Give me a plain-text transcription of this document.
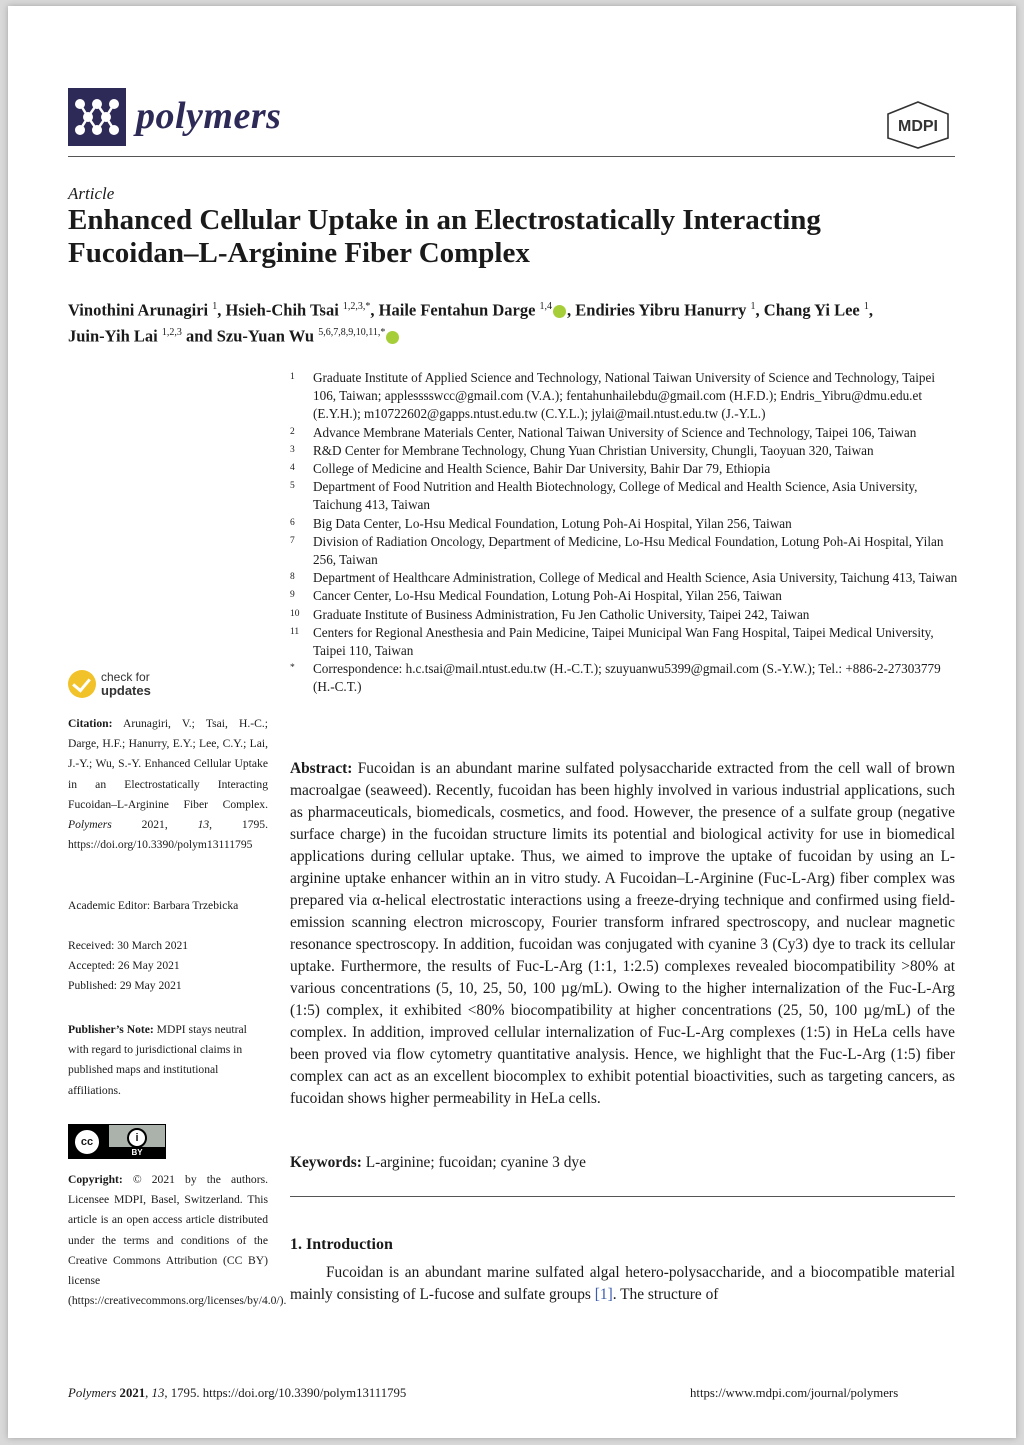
polymers	MDPI
Article
Enhanced Cellular Uptake in an Electrostatically Interacting
Fucoidan–L-Arginine Fiber Complex
Vinothini Arunagiri $^1$, Hsieh-Chih Tsai $^{1,2,3,*}$, Haile Fentahun Darge $^{1,4}$ , Endiries Yibru Hanurry $^1$, Chang Yi Lee $^1$,
Juin-Yih Lai $^{1,2,3}$ and Szu-Yuan Wu $^{5,6,7,8,9,10,11,*}$
1	Graduate Institute of Applied Science and Technology, National Taiwan University of Science and Technology, Taipei 106, Taiwan; applesssswcc@gmail.com (V.A.); fentahunhailebdu@gmail.com (H.F.D.); Endris_Yibru@dmu.edu.et (E.Y.H.); m10722602@gapps.ntust.edu.tw (C.Y.L.); jylai@mail.ntust.edu.tw (J.-Y.L.)
2	Advance Membrane Materials Center, National Taiwan University of Science and Technology, Taipei 106, Taiwan
3	R&D Center for Membrane Technology, Chung Yuan Christian University, Chungli, Taoyuan 320, Taiwan
4	College of Medicine and Health Science, Bahir Dar University, Bahir Dar 79, Ethiopia
5	Department of Food Nutrition and Health Biotechnology, College of Medical and Health Science, Asia University, Taichung 413, Taiwan
6	Big Data Center, Lo-Hsu Medical Foundation, Lotung Poh-Ai Hospital, Yilan 256, Taiwan
7	Division of Radiation Oncology, Department of Medicine, Lo-Hsu Medical Foundation, Lotung Poh-Ai Hospital, Yilan 256, Taiwan
8	Department of Healthcare Administration, College of Medical and Health Science, Asia University, Taichung 413, Taiwan
9	Cancer Center, Lo-Hsu Medical Foundation, Lotung Poh-Ai Hospital, Yilan 256, Taiwan
10	Graduate Institute of Business Administration, Fu Jen Catholic University, Taipei 242, Taiwan
11	Centers for Regional Anesthesia and Pain Medicine, Taipei Municipal Wan Fang Hospital, Taipei Medical University, Taipei 110, Taiwan
*	Correspondence: h.c.tsai@mail.ntust.edu.tw (H.-C.T.); szuyuanwu5399@gmail.com (S.-Y.W.); Tel.: +886-2-27303779 (H.-C.T.)
check for
updates
Citation: Arunagiri, V.; Tsai, H.-C.; Darge, H.F.; Hanurry, E.Y.; Lee, C.Y.; Lai, J.-Y.; Wu, S.-Y. Enhanced Cellular Uptake in an Electrostatically Interacting Fucoidan–L-Arginine Fiber Complex. Polymers	2021, 13, 1795. https://doi.org/10.3390/polym13111795
Academic Editor: Barbara Trzebicka
Received: 30 March 2021
Accepted: 26 May 2021
Published: 29 May 2021
Publisher’s Note: MDPI stays neutral with regard to jurisdictional claims in published maps and institutional affiliations.
cc	i
BY
Copyright: © 2021 by the authors. Licensee MDPI, Basel, Switzerland. This article is an open access article distributed under the terms and conditions of the Creative Commons Attribution (CC BY) license (https://creativecommons.org/licenses/by/4.0/).
Abstract: Fucoidan is an abundant marine sulfated polysaccharide extracted from the cell wall of brown macroalgae (seaweed). Recently, fucoidan has been highly involved in various industrial applications, such as pharmaceuticals, biomedicals, cosmetics, and food. However, the presence of a sulfate group (negative surface charge) in the fucoidan structure limits its potential and biological activity for use in biomedical applications during cellular uptake. Thus, we aimed to improve the uptake of fucoidan by using an L-arginine uptake enhancer within an in vitro study. A Fucoidan–L-Arginine (Fuc-L-Arg) fiber complex was prepared via α-helical electrostatic interactions using a freeze-drying technique and confirmed using field-emission scanning electron microscopy, Fourier transform infrared spectroscopy, and nuclear magnetic resonance spectroscopy. In addition, fucoidan was conjugated with cyanine 3 (Cy3) dye to track its cellular uptake. Furthermore, the results of Fuc-L-Arg (1:1, 1:2.5) complexes revealed biocompatibility >80% at various concentrations (5, 10, 25, 50, 100 µg/mL). Owing to the higher internalization of the Fuc-L-Arg (1:5) complex, it exhibited <80% biocompatibility at higher concentrations (25, 50, 100 µg/mL) of the complex. In addition, improved cellular internalization of Fuc-L-Arg complexes (1:5) in HeLa cells have been proved via flow cytometry quantitative analysis. Hence, we highlight that the Fuc-L-Arg (1:5) fiber complex can act as an excellent biocomplex to exhibit potential bioactivities, such as targeting cancers, as fucoidan shows higher permeability in HeLa cells.
Keywords: L-arginine; fucoidan; cyanine 3 dye
1. Introduction
Fucoidan is an abundant marine sulfated algal hetero-polysaccharide, and a biocompatible material mainly consisting of L-fucose and sulfate groups [1]. The structure of
Polymers 2021, 13, 1795. https://doi.org/10.3390/polym13111795	https://www.mdpi.com/journal/polymers
